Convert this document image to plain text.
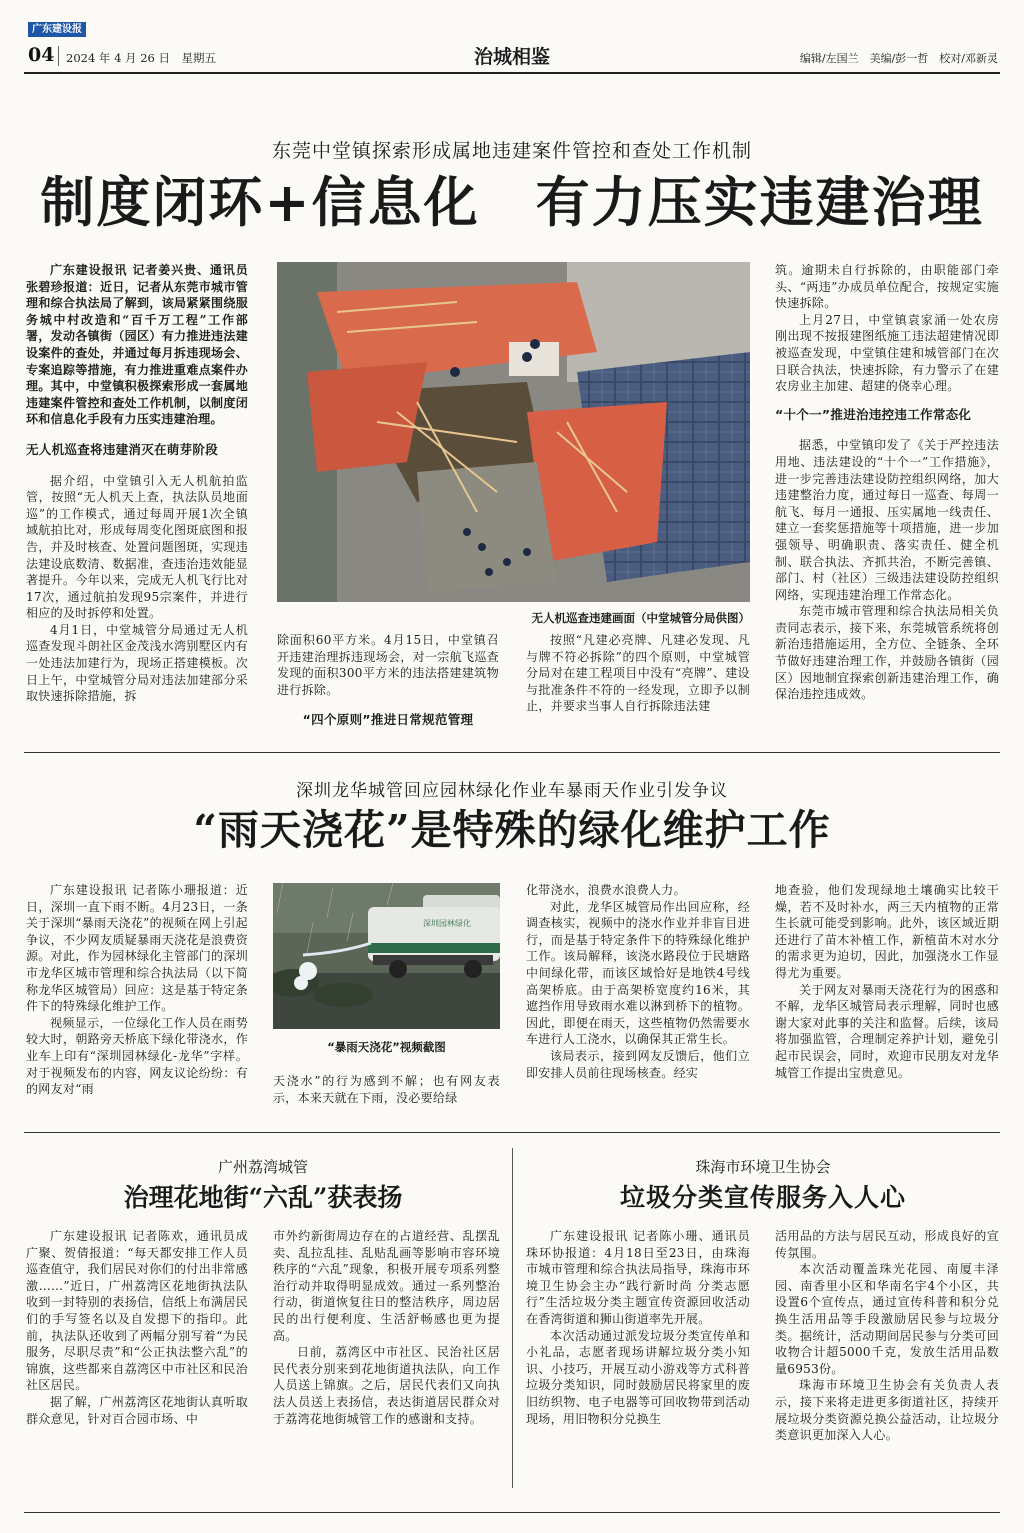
广东建设报
04 2024 年 4 月 26 日　星期五	治城相鉴	编辑/左国兰　美编/彭一哲　校对/邓新灵
东莞中堂镇探索形成属地违建案件管控和查处工作机制
制度闭环+信息化　有力压实违建治理

广东建设报讯 记者姜兴贵、通讯员张碧珍报道：近日，记者从东莞市城市管理和综合执法局了解到，该局紧紧围绕服务城中村改造和“百千万工程”工作部署，发动各镇街（园区）有力推进违法建设案件的查处，并通过每月拆违现场会、专案追踪等措施，有力推进重难点案件办理。其中，中堂镇积极探索形成一套属地违建案件管控和查处工作机制，以制度闭环和信息化手段有力压实违建治理。

无人机巡查将违建消灭在萌芽阶段

据介绍，中堂镇引入无人机航拍监管，按照“无人机天上查，执法队员地面巡”的工作模式，通过每周开展1次全镇域航拍比对，形成每周变化图斑底图和报告，并及时核查、处置问题图斑，实现违法建设底数清、数据准，查违治违效能显著提升。今年以来，完成无人机飞行比对17次，通过航拍发现95宗案件，并进行相应的及时拆停和处置。

4月1日，中堂城管分局通过无人机巡查发现斗朗社区金茂浅水湾别墅区内有一处违法加建行为，现场正搭建模板。次日上午，中堂城管分局对违法加建部分采取快速拆除措施，拆

无人机巡查违建画面（中堂城管分局供图）

除面积60平方米。4月15日，中堂镇召开违建治理拆违现场会，对一宗航飞巡查发现的面积300平方米的违法搭建建筑物进行拆除。

“四个原则”推进日常规范管理

按照“凡建必亮牌、凡建必发现、凡与牌不符必拆除”的四个原则，中堂城管分局对在建工程项目中没有“亮牌”、建设与批准条件不符的一经发现，立即予以制止，并要求当事人自行拆除违法建

筑。逾期未自行拆除的，由职能部门牵头、“两违”办成员单位配合，按规定实施快速拆除。

上月27日，中堂镇袁家涌一处农房刚出现不按报建图纸施工违法超建情况即被巡查发现，中堂镇住建和城管部门在次日联合执法，快速拆除，有力警示了在建农房业主加建、超建的侥幸心理。

“十个一”推进治违控违工作常态化

据悉，中堂镇印发了《关于严控违法用地、违法建设的“十个一”工作措施》，进一步完善违法建设防控组织网络，加大违建整治力度，通过每日一巡查、每周一航飞、每月一通报、压实属地一线责任、建立一套奖惩措施等十项措施，进一步加强领导、明确职责、落实责任、健全机制、联合执法、齐抓共治，不断完善镇、部门、村（社区）三级违法建设防控组织网络，实现违建治理工作常态化。

东莞市城市管理和综合执法局相关负责同志表示，接下来，东莞城管系统将创新治违措施运用，全方位、全链条、全环节做好违建治理工作，并鼓励各镇街（园区）因地制宜探索创新违建治理工作，确保治违控违成效。

深圳龙华城管回应园林绿化作业车暴雨天作业引发争议
“雨天浇花”是特殊的绿化维护工作

广东建设报讯 记者陈小珊报道：近日，深圳一直下雨不断。4月23日，一条关于深圳“暴雨天浇花”的视频在网上引起争议，不少网友质疑暴雨天浇花是浪费资源。对此，作为园林绿化主管部门的深圳市龙华区城市管理和综合执法局（以下简称龙华区城管局）回应：这是基于特定条件下的特殊绿化维护工作。

视频显示，一位绿化工作人员在雨势较大时，朝路旁天桥底下绿化带浇水，作业车上印有“深圳园林绿化-龙华”字样。对于视频发布的内容，网友议论纷纷：有的网友对“雨

深圳园林绿化
“暴雨天浇花”视频截图

天浇水”的行为感到不解；也有网友表示，本来天就在下雨，没必要给绿

化带浇水，浪费水浪费人力。

对此，龙华区城管局作出回应称，经调查核实，视频中的浇水作业并非盲目进行，而是基于特定条件下的特殊绿化维护工作。该局解释，该浇水路段位于民塘路中间绿化带，而该区域恰好是地铁4号线高架桥底。由于高架桥宽度约16米，其遮挡作用导致雨水难以淋到桥下的植物。因此，即便在雨天，这些植物仍然需要水车进行人工浇水，以确保其正常生长。

该局表示，接到网友反馈后，他们立即安排人员前往现场核查。经实

地查验，他们发现绿地土壤确实比较干燥，若不及时补水，两三天内植物的正常生长就可能受到影响。此外，该区域近期还进行了苗木补植工作，新植苗木对水分的需求更为迫切，因此，加强浇水工作显得尤为重要。

关于网友对暴雨天浇花行为的困惑和不解，龙华区城管局表示理解，同时也感谢大家对此事的关注和监督。后续，该局将加强监管，合理制定养护计划，避免引起市民误会，同时，欢迎市民朋友对龙华城管工作提出宝贵意见。

广州荔湾城管
治理花地街“六乱”获表扬

广东建设报讯 记者陈欢，通讯员成广聚、贺倩报道：“每天都安排工作人员巡查值守，我们居民对你们的付出非常感激……”近日，广州荔湾区花地街执法队收到一封特别的表扬信，信纸上布满居民们的手写签名以及自发摁下的指印。此前，执法队还收到了两幅分别写着“为民服务，尽职尽责”和“公正执法整六乱”的锦旗，这些都来自荔湾区中市社区和民治社区居民。

据了解，广州荔湾区花地街认真听取群众意见，针对百合园市场、中

市外约新街周边存在的占道经营、乱摆乱卖、乱拉乱挂、乱贴乱画等影响市容环境秩序的“六乱”现象，积极开展专项系列整治行动并取得明显成效。通过一系列整治行动，街道恢复往日的整洁秩序，周边居民的出行便利度、生活舒畅感也更为提高。

日前，荔湾区中市社区、民治社区居民代表分别来到花地街道执法队，向工作人员送上锦旗。之后，居民代表们又向执法人员送上表扬信，表达街道居民群众对于荔湾花地街城管工作的感谢和支持。

珠海市环境卫生协会
垃圾分类宣传服务入人心

广东建设报讯 记者陈小珊、通讯员珠环协报道：4月18日至23日，由珠海市城市管理和综合执法局指导，珠海市环境卫生协会主办“践行新时尚 分类志愿行”生活垃圾分类主题宣传资源回收活动在香湾街道和狮山街道率先开展。

本次活动通过派发垃圾分类宣传单和小礼品，志愿者现场讲解垃圾分类小知识、小技巧，开展互动小游戏等方式科普垃圾分类知识，同时鼓励居民将家里的废旧纺织物、电子电器等可回收物带到活动现场，用旧物积分兑换生

活用品的方法与居民互动，形成良好的宣传氛围。

本次活动覆盖珠光花园、南厦丰泽园、南香里小区和华南名宇4个小区，共设置6个宣传点，通过宣传科普和积分兑换生活用品等手段激励居民参与垃圾分类。据统计，活动期间居民参与分类可回收物合计超5000千克，发放生活用品数量6953份。

珠海市环境卫生协会有关负责人表示，接下来将走进更多街道社区，持续开展垃圾分类资源兑换公益活动，让垃圾分类意识更加深入人心。
